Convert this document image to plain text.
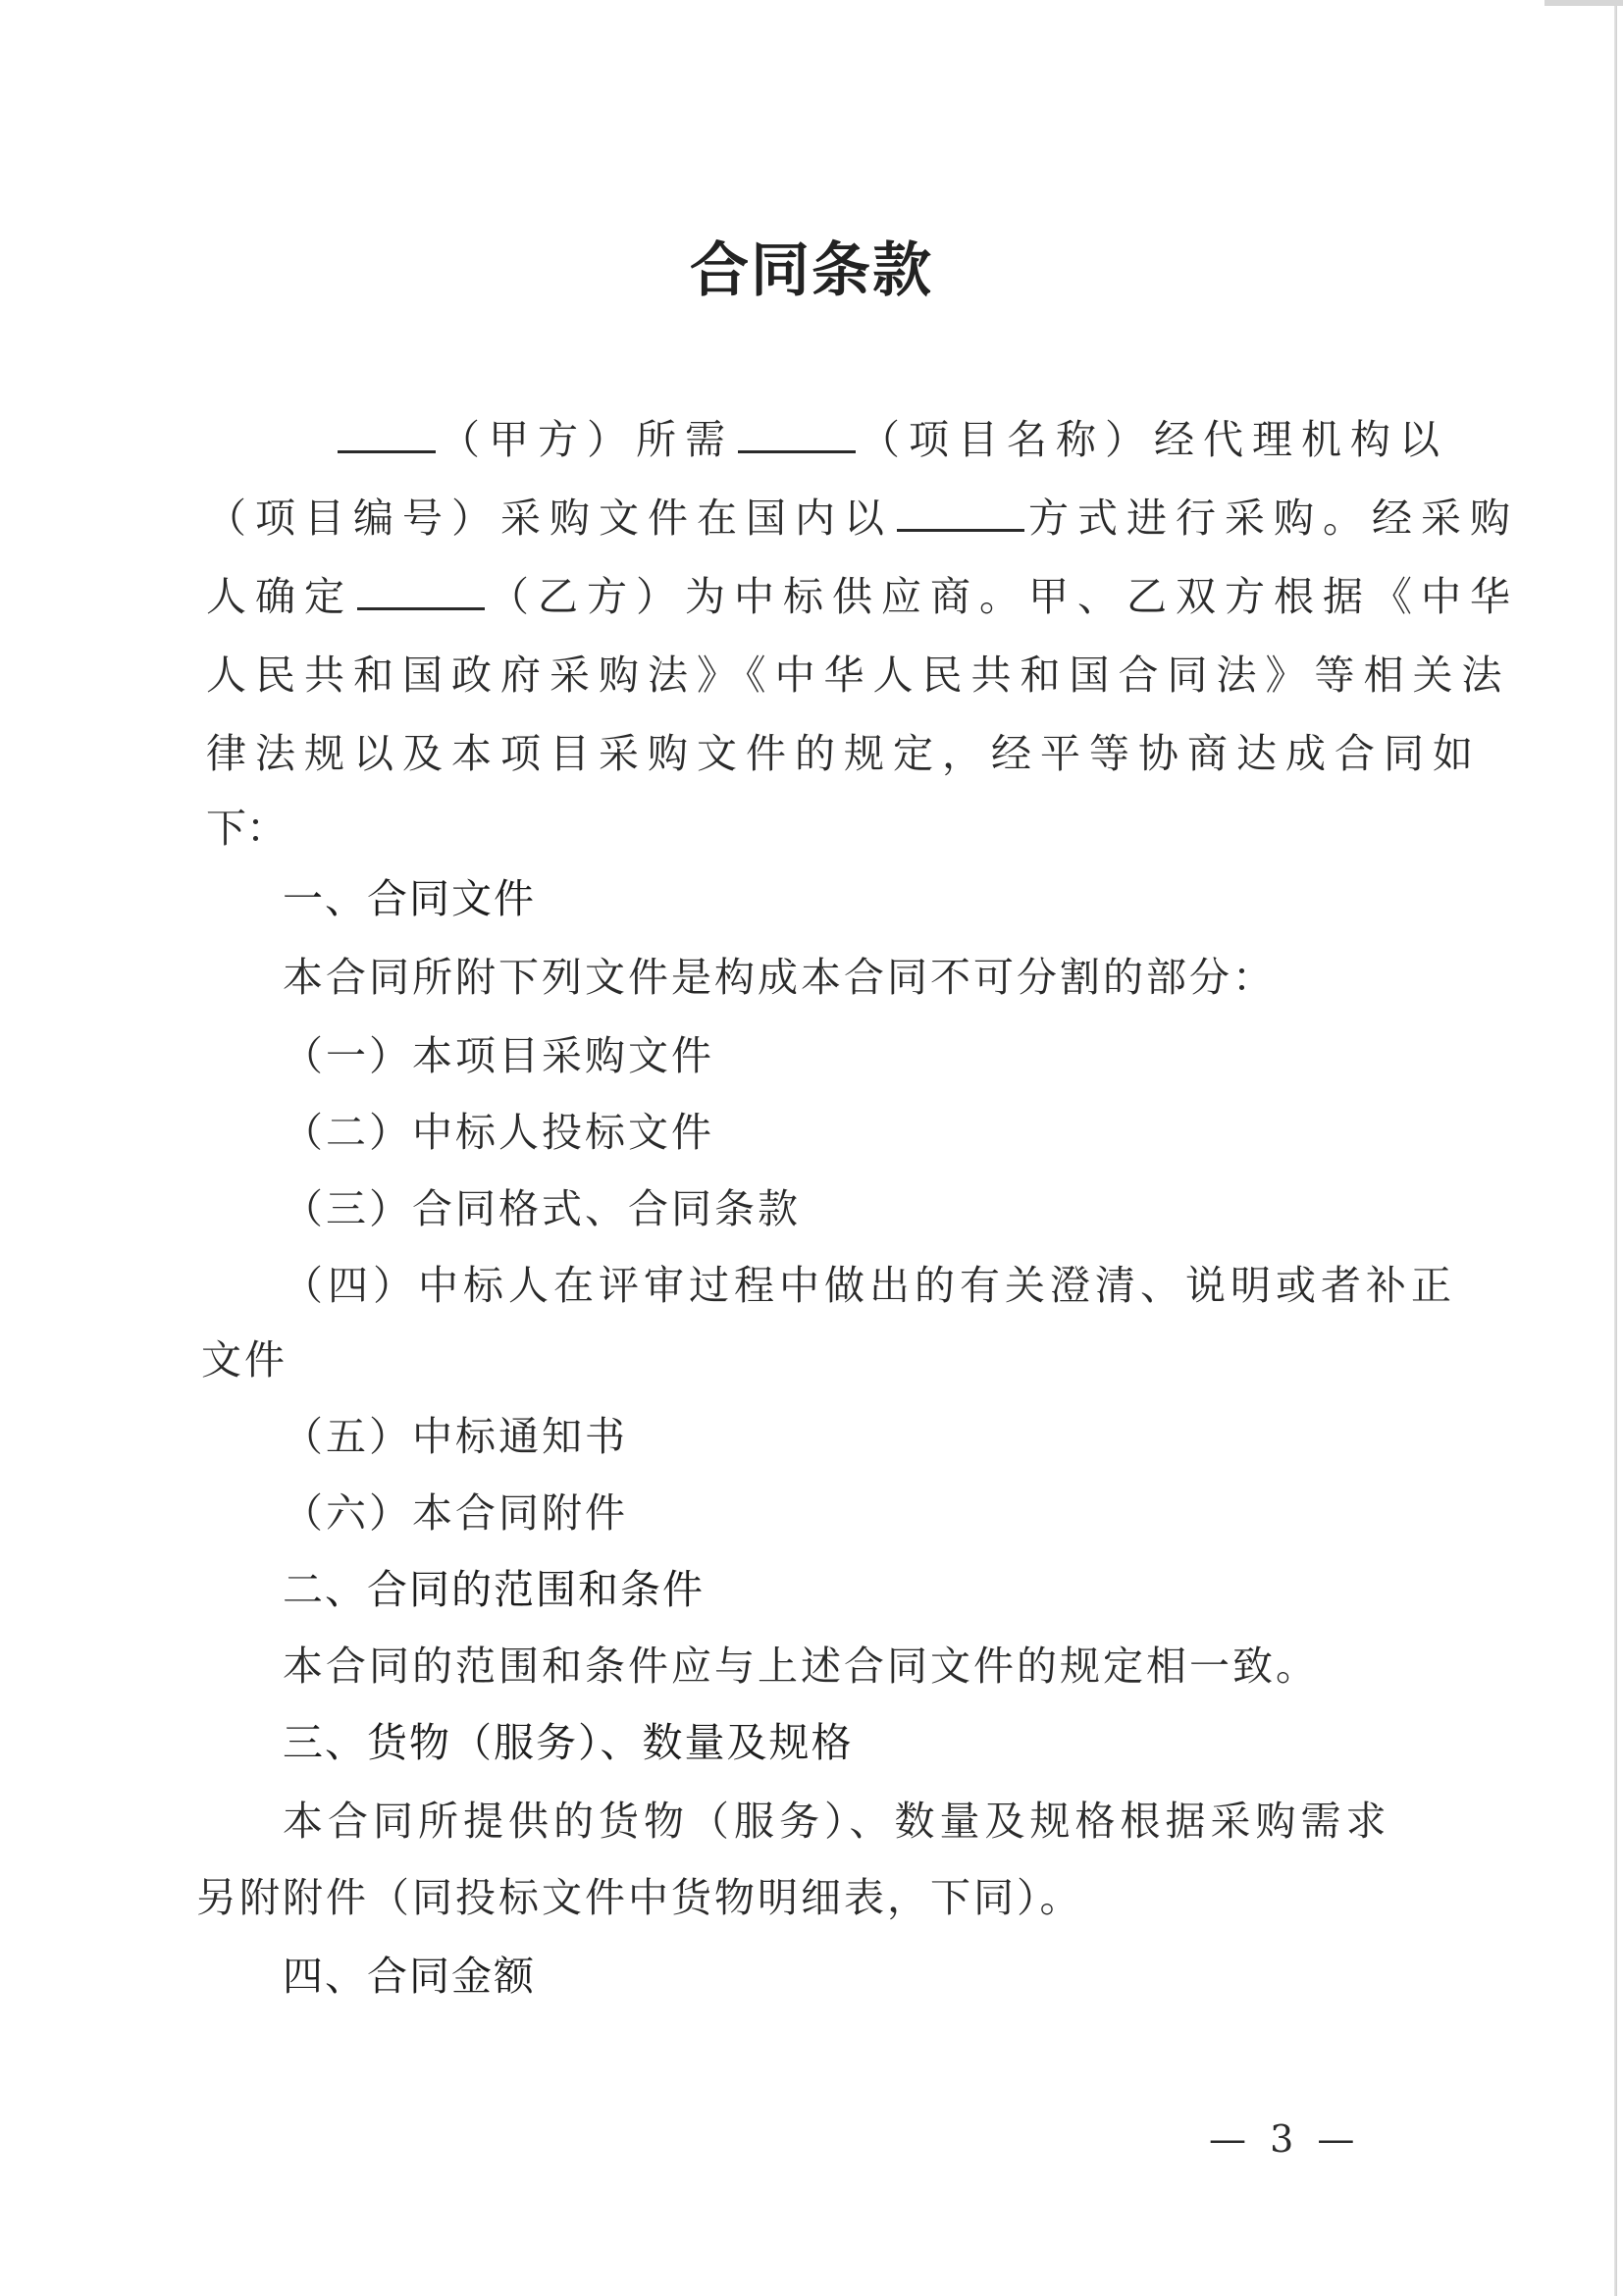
合同条款
（甲方）所需	（项目名称）经代理机构以
（项目编号）采购文件在国内以	方式进行采购。经采购
人确定	（乙方）为中标供应商。甲、乙双方根据《中华
人民共和国政府采购法》《中华人民共和国合同法》等相关法
律法规以及本项目采购文件的规定，经平等协商达成合同如
下：
一、合同文件
本合同所附下列文件是构成本合同不可分割的部分：
（一）本项目采购文件
（二）中标人投标文件
（三）合同格式、合同条款
（四）中标人在评审过程中做出的有关澄清、说明或者补正
文件
（五）中标通知书
（六）本合同附件
二、合同的范围和条件
本合同的范围和条件应与上述合同文件的规定相一致。
三、货物（服务）、数量及规格
本合同所提供的货物（服务）、数量及规格根据采购需求
另附附件（同投标文件中货物明细表，下同）。
四、合同金额
— 3 —
